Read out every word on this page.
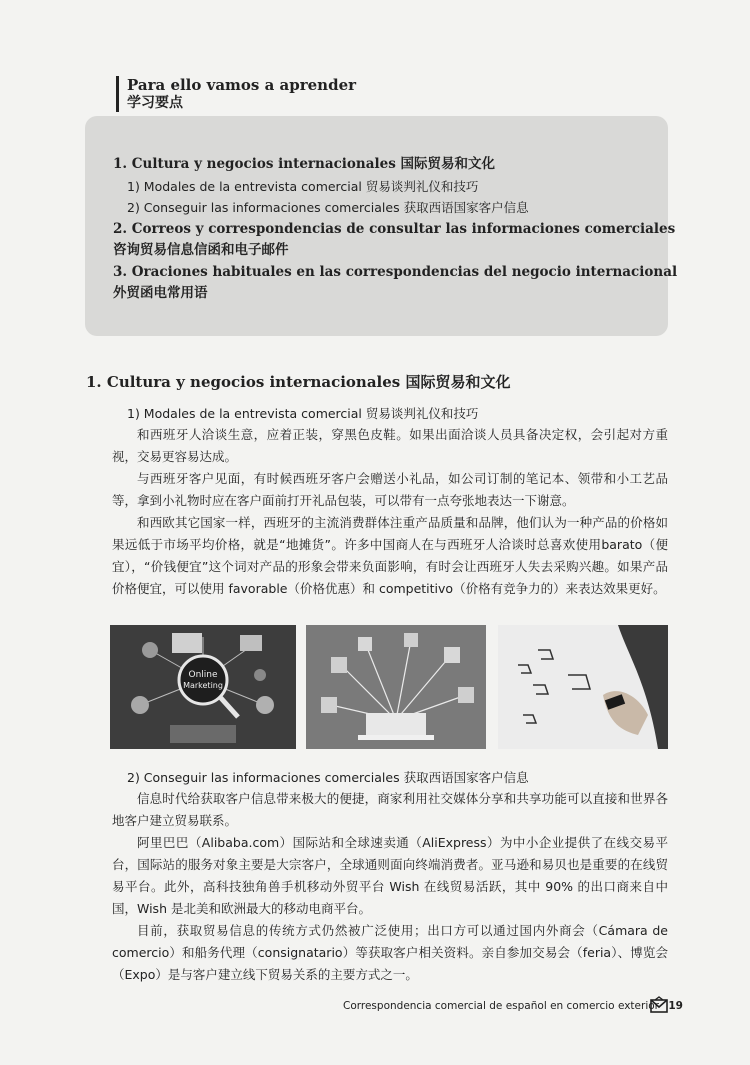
Para ello vamos a aprender
学习要点
1. Cultura y negocios internacionales 国际贸易和文化
1) Modales de la entrevista comercial 贸易谈判礼仪和技巧
2) Conseguir las informaciones comerciales 获取西语国家客户信息
2. Correos y correspondencias de consultar las informaciones comerciales
咨询贸易信息信函和电子邮件
3. Oraciones habituales en las correspondencias del negocio internacional
外贸函电常用语
1. Cultura y negocios internacionales 国际贸易和文化
1) Modales de la entrevista comercial 贸易谈判礼仪和技巧
和西班牙人洽谈生意，应着正装，穿黑色皮鞋。如果出面洽谈人员具备决定权，会引起对方重视，交易更容易达成。
与西班牙客户见面，有时候西班牙客户会赠送小礼品，如公司订制的笔记本、领带和小工艺品等，拿到小礼物时应在客户面前打开礼品包装，可以带有一点夸张地表达一下谢意。
和西欧其它国家一样，西班牙的主流消费群体注重产品质量和品牌，他们认为一种产品的价格如果远低于市场平均价格，就是“地摊货”。许多中国商人在与西班牙人洽谈时总喜欢使用barato（便宜），“价钱便宜”这个词对产品的形象会带来负面影响，有时会让西班牙人失去采购兴趣。如果产品价格便宜，可以使用 favorable（价格优惠）和 competitivo（价格有竞争力的）来表达效果更好。
Online
Marketing
2) Conseguir las informaciones comerciales 获取西语国家客户信息
信息时代给获取客户信息带来极大的便捷，商家利用社交媒体分享和共享功能可以直接和世界各地客户建立贸易联系。
阿里巴巴（Alibaba.com）国际站和全球速卖通（AliExpress）为中小企业提供了在线交易平台，国际站的服务对象主要是大宗客户，全球通则面向终端消费者。亚马逊和易贝也是重要的在线贸易平台。此外，高科技独角兽手机移动外贸平台 Wish 在线贸易活跃，其中 90% 的出口商来自中国，Wish 是北美和欧洲最大的移动电商平台。
目前，获取贸易信息的传统方式仍然被广泛使用；出口方可以通过国内外商会（Cámara de comercio）和船务代理（consignatario）等获取客户相关资料。亲自参加交易会（feria）、博览会（Expo）是与客户建立线下贸易关系的主要方式之一。
Correspondencia comercial de español en comercio exterior 19
